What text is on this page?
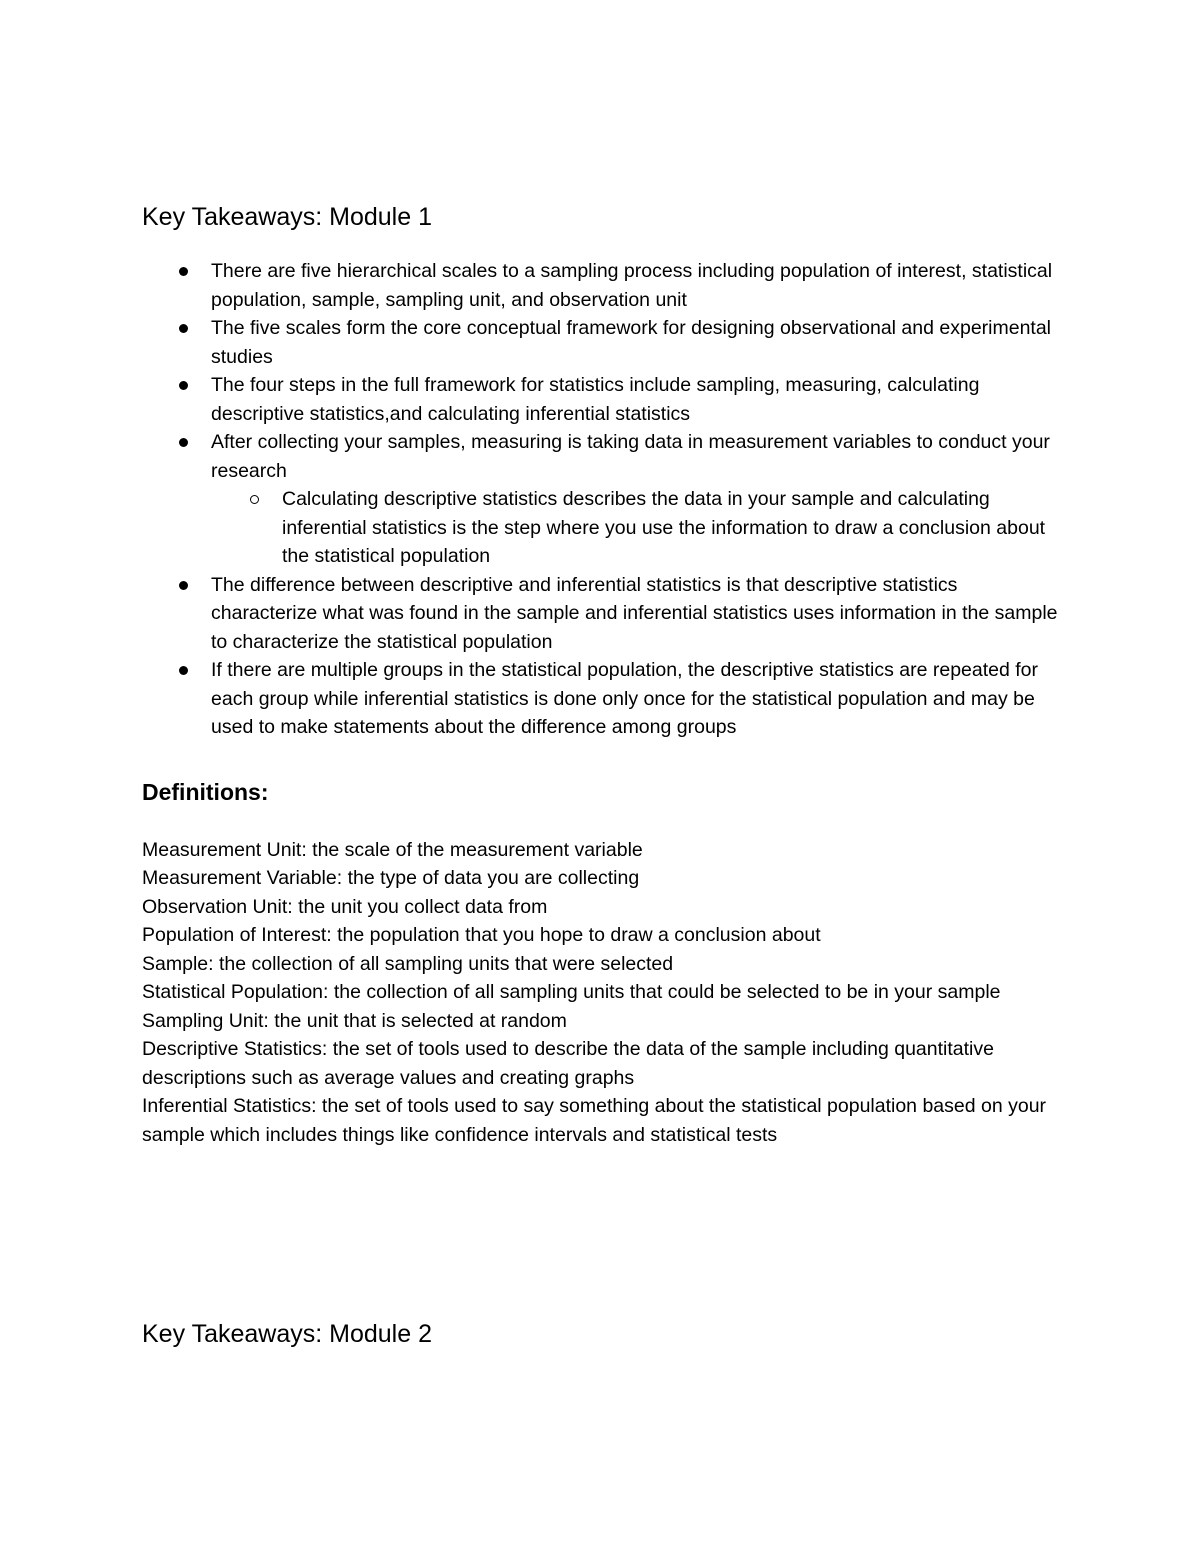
Key Takeaways: Module 1
There are five hierarchical scales to a sampling process including population of interest, statistical population, sample, sampling unit, and observation unit
The five scales form the core conceptual framework for designing observational and experimental studies
The four steps in the full framework for statistics include sampling, measuring, calculating descriptive statistics,and calculating inferential statistics
After collecting your samples, measuring is taking data in measurement variables to conduct your research
Calculating descriptive statistics describes the data in your sample and calculating inferential statistics is the step where you use the information to draw a conclusion about the statistical population
The difference between descriptive and inferential statistics is that descriptive statistics characterize what was found in the sample and inferential statistics uses information in the sample to characterize the statistical population
If there are multiple groups in the statistical population, the descriptive statistics are repeated for each group while inferential statistics is done only once for the statistical population and may be used to make statements about the difference among groups
Definitions:

Measurement Unit: the scale of the measurement variable

Measurement Variable: the type of data you are collecting

Observation Unit: the unit you collect data from

Population of Interest: the population that you hope to draw a conclusion about

Sample: the collection of all sampling units that were selected

Statistical Population: the collection of all sampling units that could be selected to be in your sample

Sampling Unit: the unit that is selected at random

Descriptive Statistics: the set of tools used to describe the data of the sample including quantitative descriptions such as average values and creating graphs

Inferential Statistics: the set of tools used to say something about the statistical population based on your sample which includes things like confidence intervals and statistical tests

Key Takeaways: Module 2
